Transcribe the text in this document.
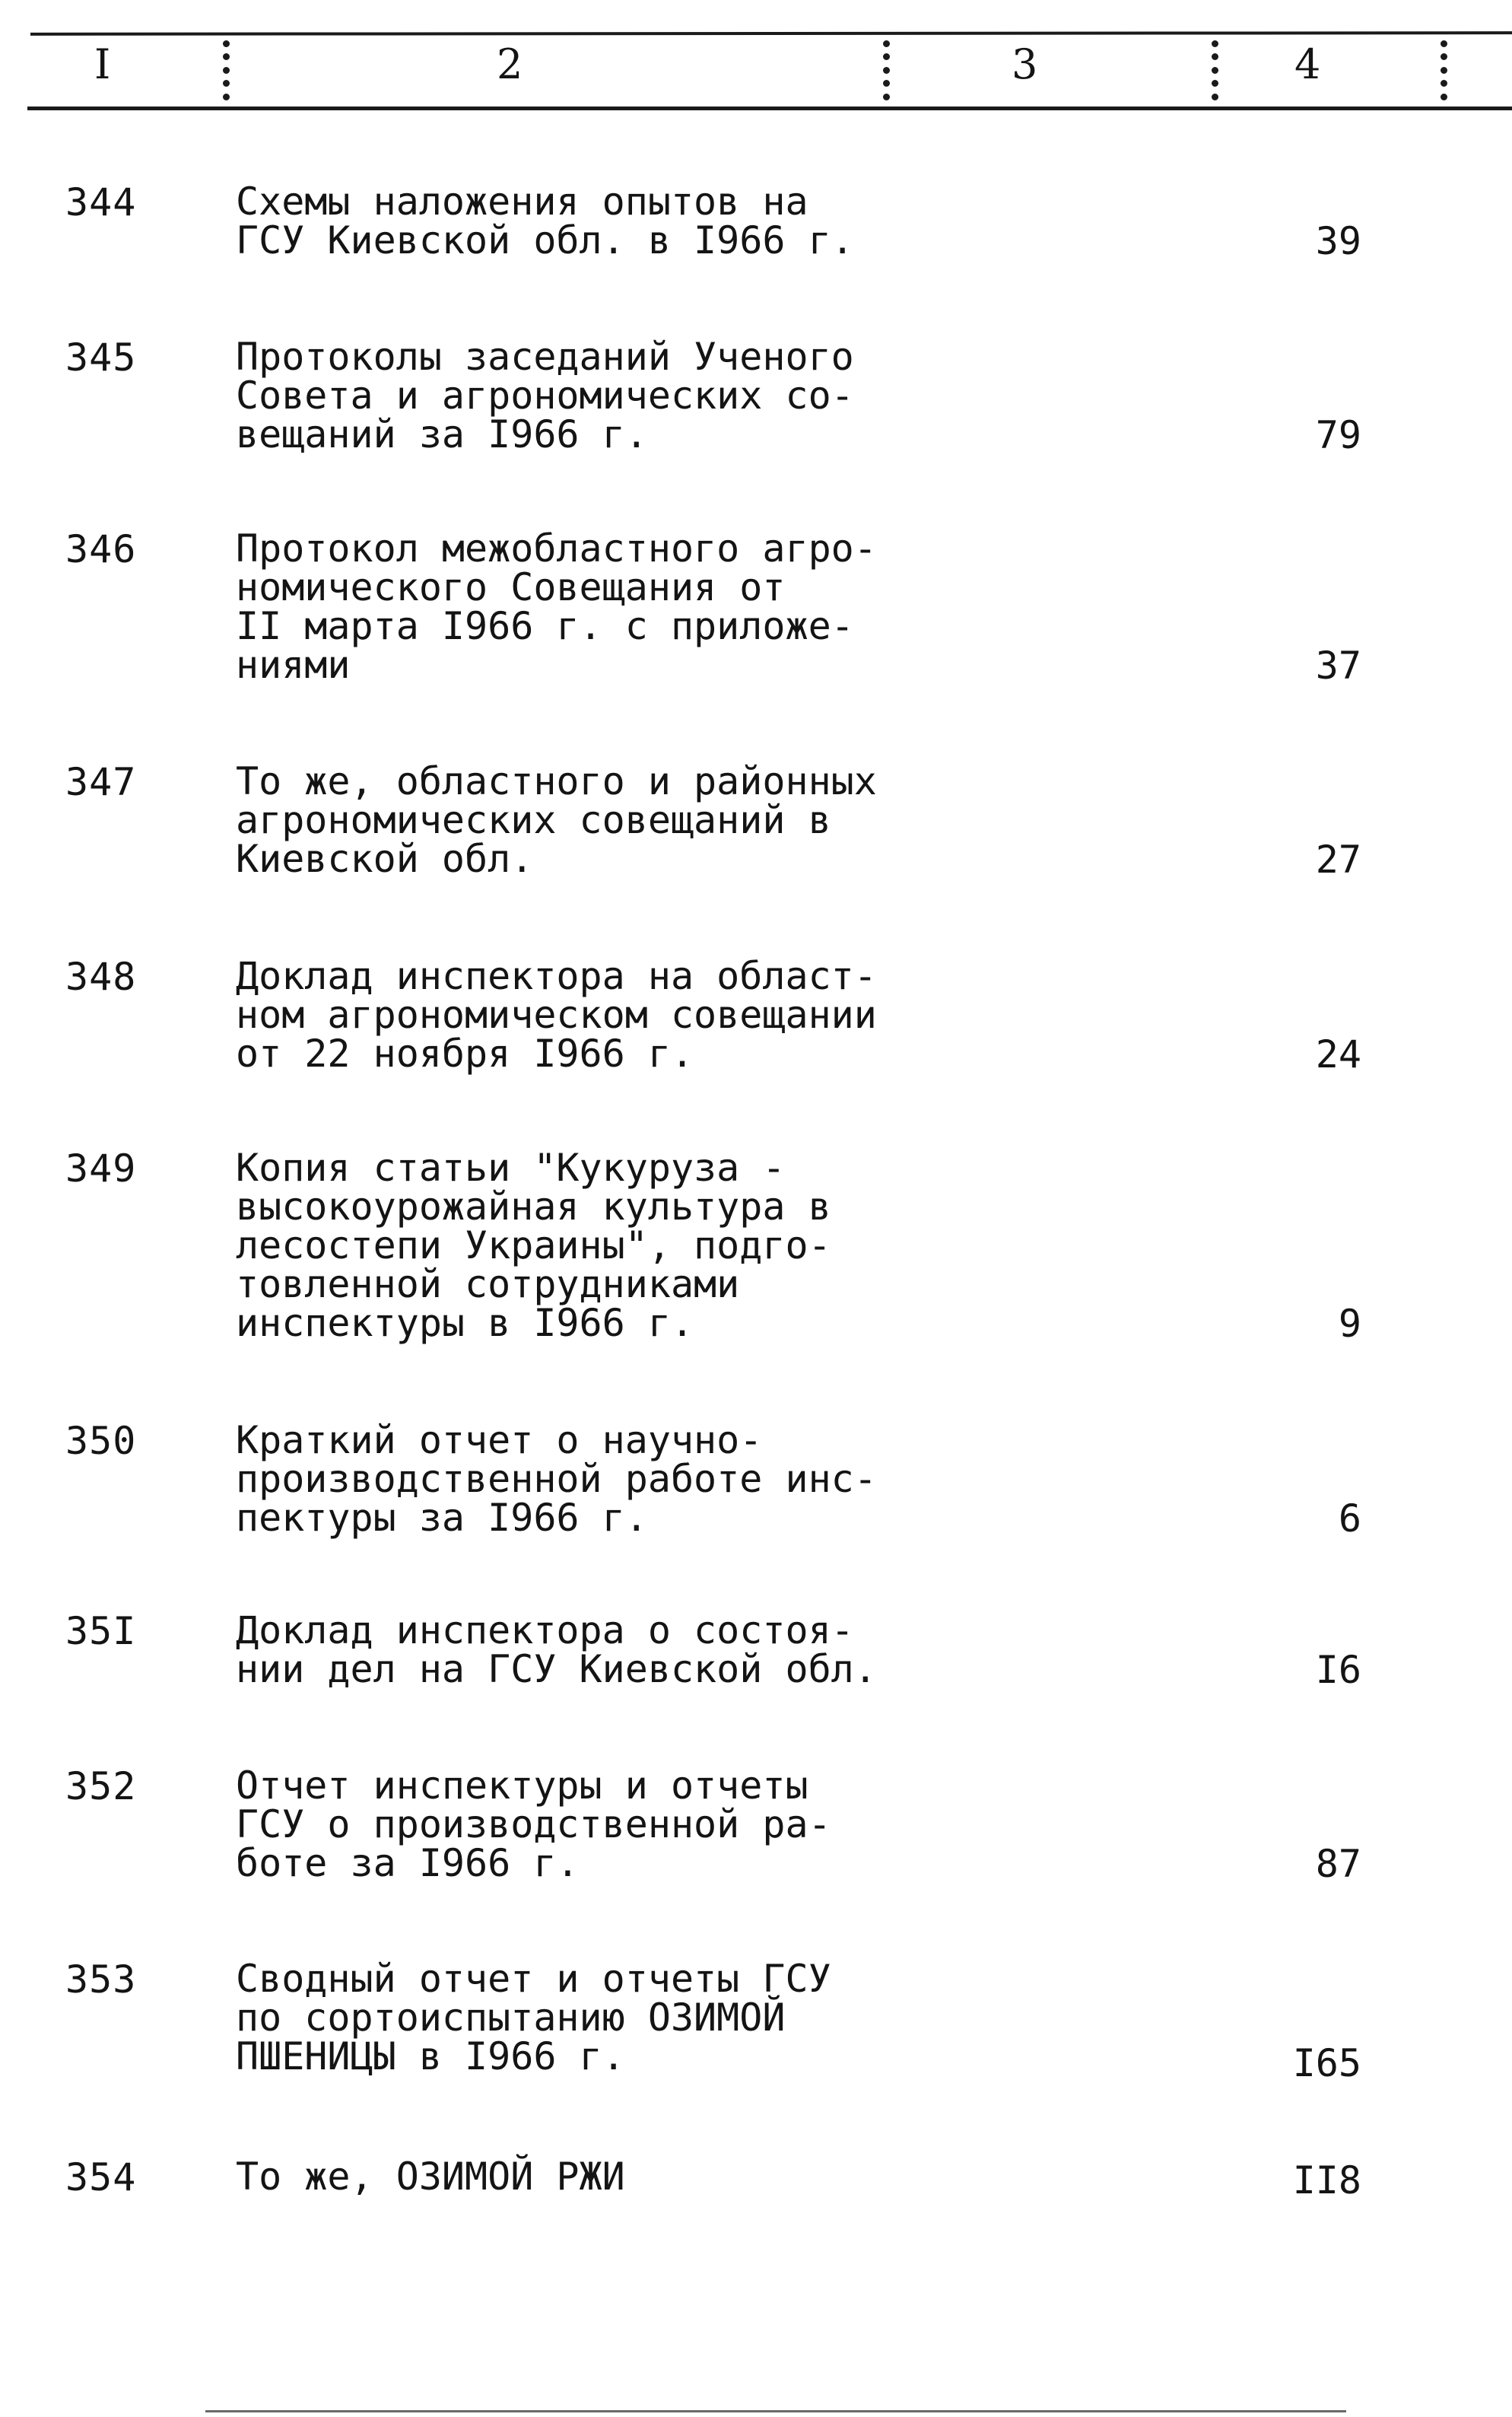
I	2	3	4
344	Схемы наложения опытов на
ГСУ Киевской обл. в I966 г.	39
345	Протоколы заседаний Ученого
Совета и агрономических со-
вещаний за I966 г.	79
346	Протокол межобластного агро-
номического Совещания от
II марта I966 г. с приложе-
ниями	37
347	То же, областного и районных
агрономических совещаний в
Киевской обл.	27
348	Доклад инспектора на област-
ном агрономическом совещании
от 22 ноября I966 г.	24
349	Копия статьи "Кукуруза -
высокоурожайная культура в
лесостепи Украины", подго-
товленной сотрудниками
инспектуры в I966 г.	9
350	Краткий отчет о научно-
производственной работе инс-
пектуры за I966 г.	6
35I	Доклад инспектора о состоя-
нии дел на ГСУ Киевской обл.	I6
352	Отчет инспектуры и отчеты
ГСУ о производственной ра-
боте за I966 г.	87
353	Сводный отчет и отчеты ГСУ
по сортоиспытанию ОЗИМОЙ
ПШЕНИЦЫ в I966 г.	I65
354	То же, ОЗИМОЙ РЖИ	II8
